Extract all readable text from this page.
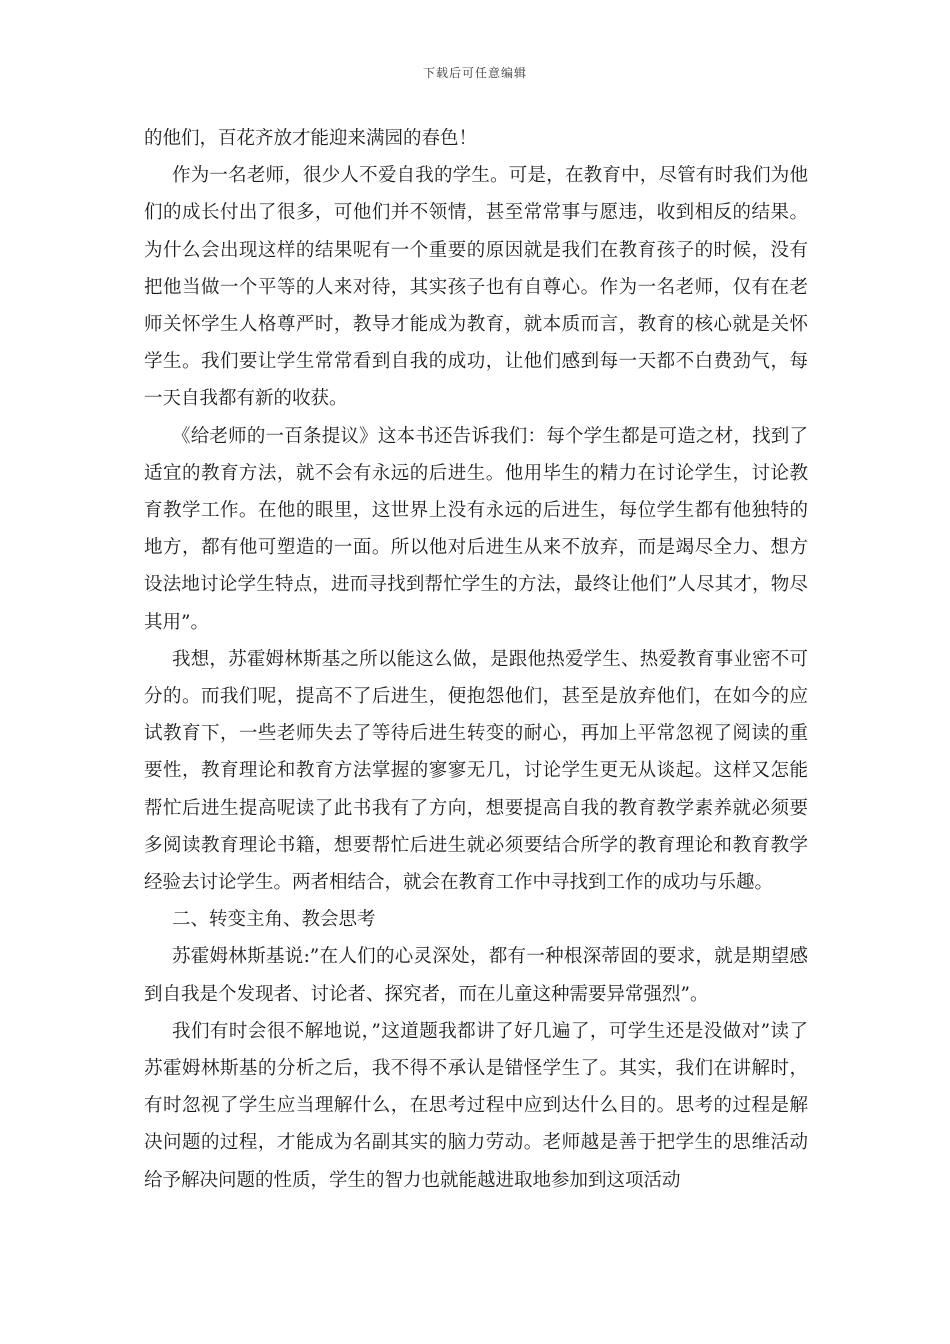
下载后可任意编辑

的他们，百花齐放才能迎来满园的春色！

作为一名老师，很少人不爱自我的学生。可是，在教育中，尽管有时我们为他们的成长付出了很多，可他们并不领情，甚至常常事与愿违，收到相反的结果。为什么会出现这样的结果呢有一个重要的原因就是我们在教育孩子的时候，没有把他当做一个平等的人来对待，其实孩子也有自尊心。作为一名老师，仅有在老师关怀学生人格尊严时，教导才能成为教育，就本质而言，教育的核心就是关怀学生。我们要让学生常常看到自我的成功，让他们感到每一天都不白费劲气，每一天自我都有新的收获。

《给老师的一百条提议》这本书还告诉我们：每个学生都是可造之材，找到了适宜的教育方法，就不会有永远的后进生。他用毕生的精力在讨论学生，讨论教育教学工作。在他的眼里，这世界上没有永远的后进生，每位学生都有他独特的地方，都有他可塑造的一面。所以他对后进生从来不放弃，而是竭尽全力、想方设法地讨论学生特点，进而寻找到帮忙学生的方法，最终让他们”人尽其才，物尽其用”。

我想，苏霍姆林斯基之所以能这么做，是跟他热爱学生、热爱教育事业密不可分的。而我们呢，提高不了后进生，便抱怨他们，甚至是放弃他们，在如今的应试教育下，一些老师失去了等待后进生转变的耐心，再加上平常忽视了阅读的重要性，教育理论和教育方法掌握的寥寥无几，讨论学生更无从谈起。这样又怎能帮忙后进生提高呢读了此书我有了方向，想要提高自我的教育教学素养就必须要多阅读教育理论书籍，想要帮忙后进生就必须要结合所学的教育理论和教育教学经验去讨论学生。两者相结合，就会在教育工作中寻找到工作的成功与乐趣。

二、转变主角、教会思考

苏霍姆林斯基说:”在人们的心灵深处，都有一种根深蒂固的要求，就是期望感到自我是个发现者、讨论者、探究者，而在儿童这种需要异常强烈”。

我们有时会很不解地说，”这道题我都讲了好几遍了，可学生还是没做对”读了苏霍姆林斯基的分析之后，我不得不承认是错怪学生了。其实，我们在讲解时，有时忽视了学生应当理解什么，在思考过程中应到达什么目的。思考的过程是解决问题的过程，才能成为名副其实的脑力劳动。老师越是善于把学生的思维活动给予解决问题的性质，学生的智力也就能越进取地参加到这项活动
